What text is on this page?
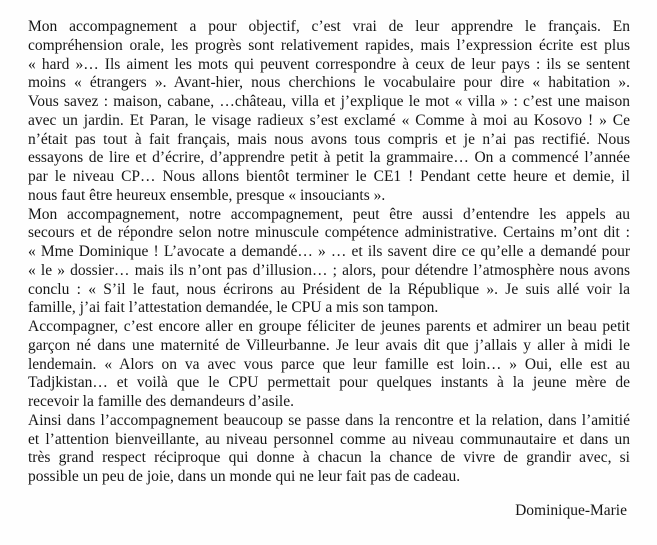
Mon accompagnement a pour objectif, c’est vrai de leur apprendre le français. En
compréhension orale, les progrès sont relativement rapides, mais l’expression écrite est plus
« hard »… Ils aiment les mots qui peuvent correspondre à ceux de leur pays : ils se sentent
moins « étrangers ». Avant-hier, nous cherchions le vocabulaire pour dire « habitation ».
Vous savez : maison, cabane, …château, villa et j’explique le mot « villa » : c’est une maison
avec un jardin. Et Paran, le visage radieux s’est exclamé « Comme à moi au Kosovo ! » Ce
n’était pas tout à fait français, mais nous avons tous compris et je n’ai pas rectifié. Nous
essayons de lire et d’écrire, d’apprendre petit à petit la grammaire… On a commencé l’année
par le niveau CP… Nous allons bientôt terminer le CE1 ! Pendant cette heure et demie, il
nous faut être heureux ensemble, presque « insouciants ».
Mon accompagnement, notre accompagnement, peut être aussi d’entendre les appels au
secours et de répondre selon notre minuscule compétence administrative. Certains m’ont dit :
« Mme Dominique ! L’avocate a demandé… » … et ils savent dire ce qu’elle a demandé pour
« le » dossier… mais ils n’ont pas d’illusion… ; alors, pour détendre l’atmosphère nous avons
conclu : « S’il le faut, nous écrirons au Président de la République ». Je suis allé voir la
famille, j’ai fait l’attestation demandée, le CPU a mis son tampon.
Accompagner, c’est encore aller en groupe féliciter de jeunes parents et admirer un beau petit
garçon né dans une maternité de Villeurbanne. Je leur avais dit que j’allais y aller à midi le
lendemain. « Alors on va avec vous parce que leur famille est loin… » Oui, elle est au
Tadjkistan… et voilà que le CPU permettait pour quelques instants à la jeune mère de
recevoir la famille des demandeurs d’asile.
Ainsi dans l’accompagnement beaucoup se passe dans la rencontre et la relation, dans l’amitié
et l’attention bienveillante, au niveau personnel comme au niveau communautaire et dans un
très grand respect réciproque qui donne à chacun la chance de vivre de grandir avec, si
possible un peu de joie, dans un monde qui ne leur fait pas de cadeau.
Dominique-Marie
